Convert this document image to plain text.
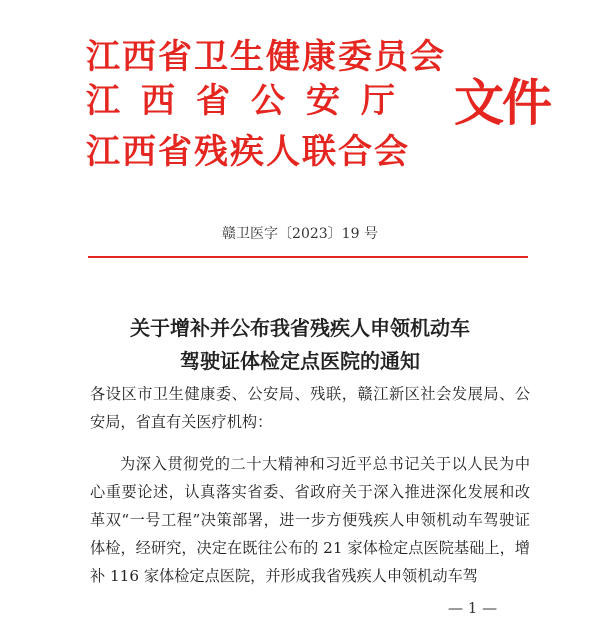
江西省卫生健康委员会
江西省公安厅
江西省残疾人联合会
文件
赣卫医字〔2023〕19 号
关于增补并公布我省残疾人申领机动车
驾驶证体检定点医院的通知

各设区市卫生健康委、公安局、残联，赣江新区社会发展局、公安局，省直有关医疗机构：

为深入贯彻党的二十大精神和习近平总书记关于以人民为中心重要论述，认真落实省委、省政府关于深入推进深化发展和改革双“一号工程”决策部署，进一步方便残疾人申领机动车驾驶证体检，经研究，决定在既往公布的 21 家体检定点医院基础上，增补 116 家体检定点医院，并形成我省残疾人申领机动车驾

— 1 —
